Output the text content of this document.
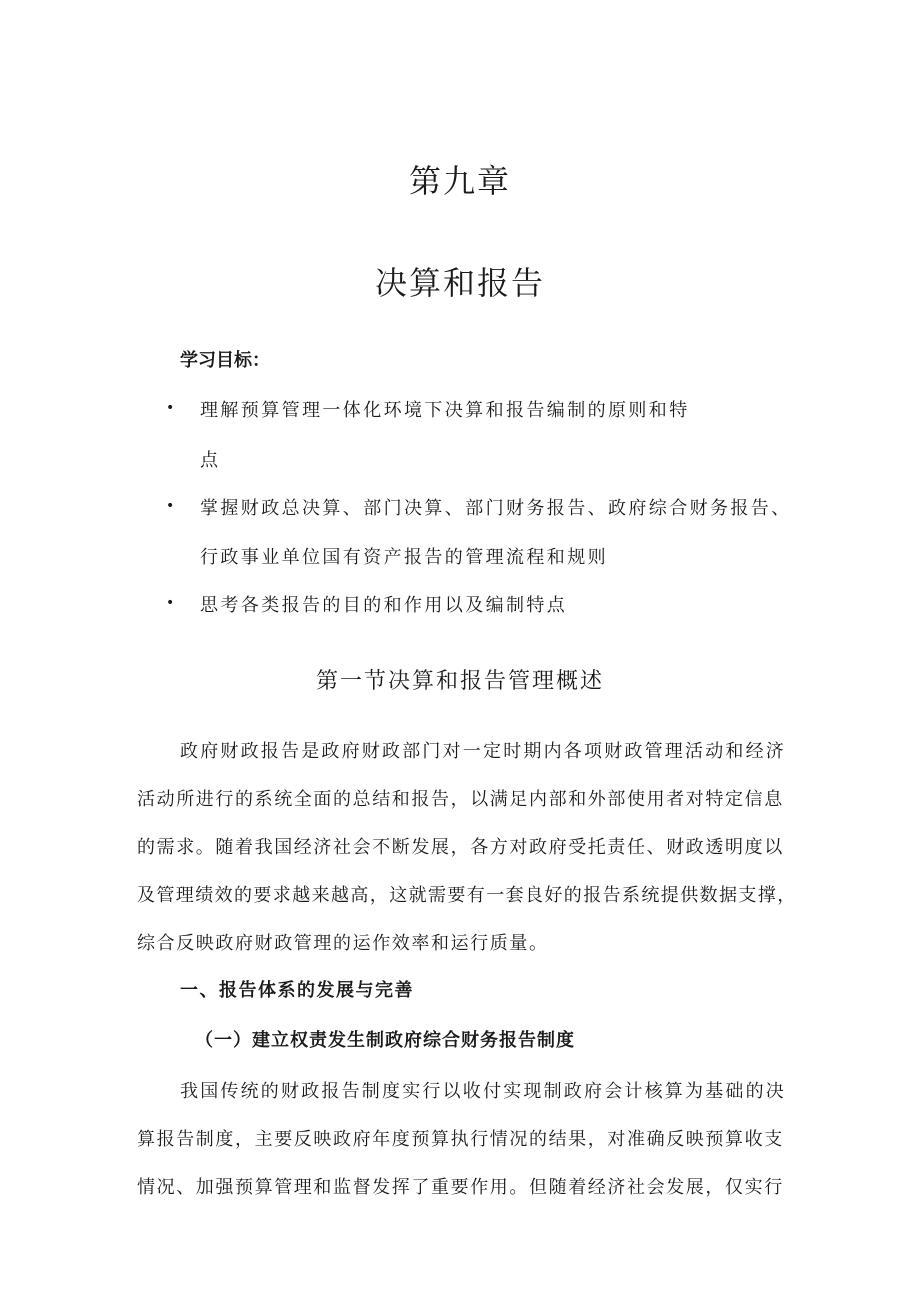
第九章
决算和报告
学习目标：
• 理解预算管理一体化环境下决算和报告编制的原则和特
点
• 掌握财政总决算、部门决算、部门财务报告、政府综合财务报告、
行政事业单位国有资产报告的管理流程和规则
• 思考各类报告的目的和作用以及编制特点
第一节决算和报告管理概述
政府财政报告是政府财政部门对一定时期内各项财政管理活动和经济
活动所进行的系统全面的总结和报告，以满足内部和外部使用者对特定信息
的需求。随着我国经济社会不断发展，各方对政府受托责任、财政透明度以
及管理绩效的要求越来越高，这就需要有一套良好的报告系统提供数据支撑，
综合反映政府财政管理的运作效率和运行质量。
一、报告体系的发展与完善
（一）建立权责发生制政府综合财务报告制度
我国传统的财政报告制度实行以收付实现制政府会计核算为基础的决
算报告制度，主要反映政府年度预算执行情况的结果，对准确反映预算收支
情况、加强预算管理和监督发挥了重要作用。但随着经济社会发展，仅实行
